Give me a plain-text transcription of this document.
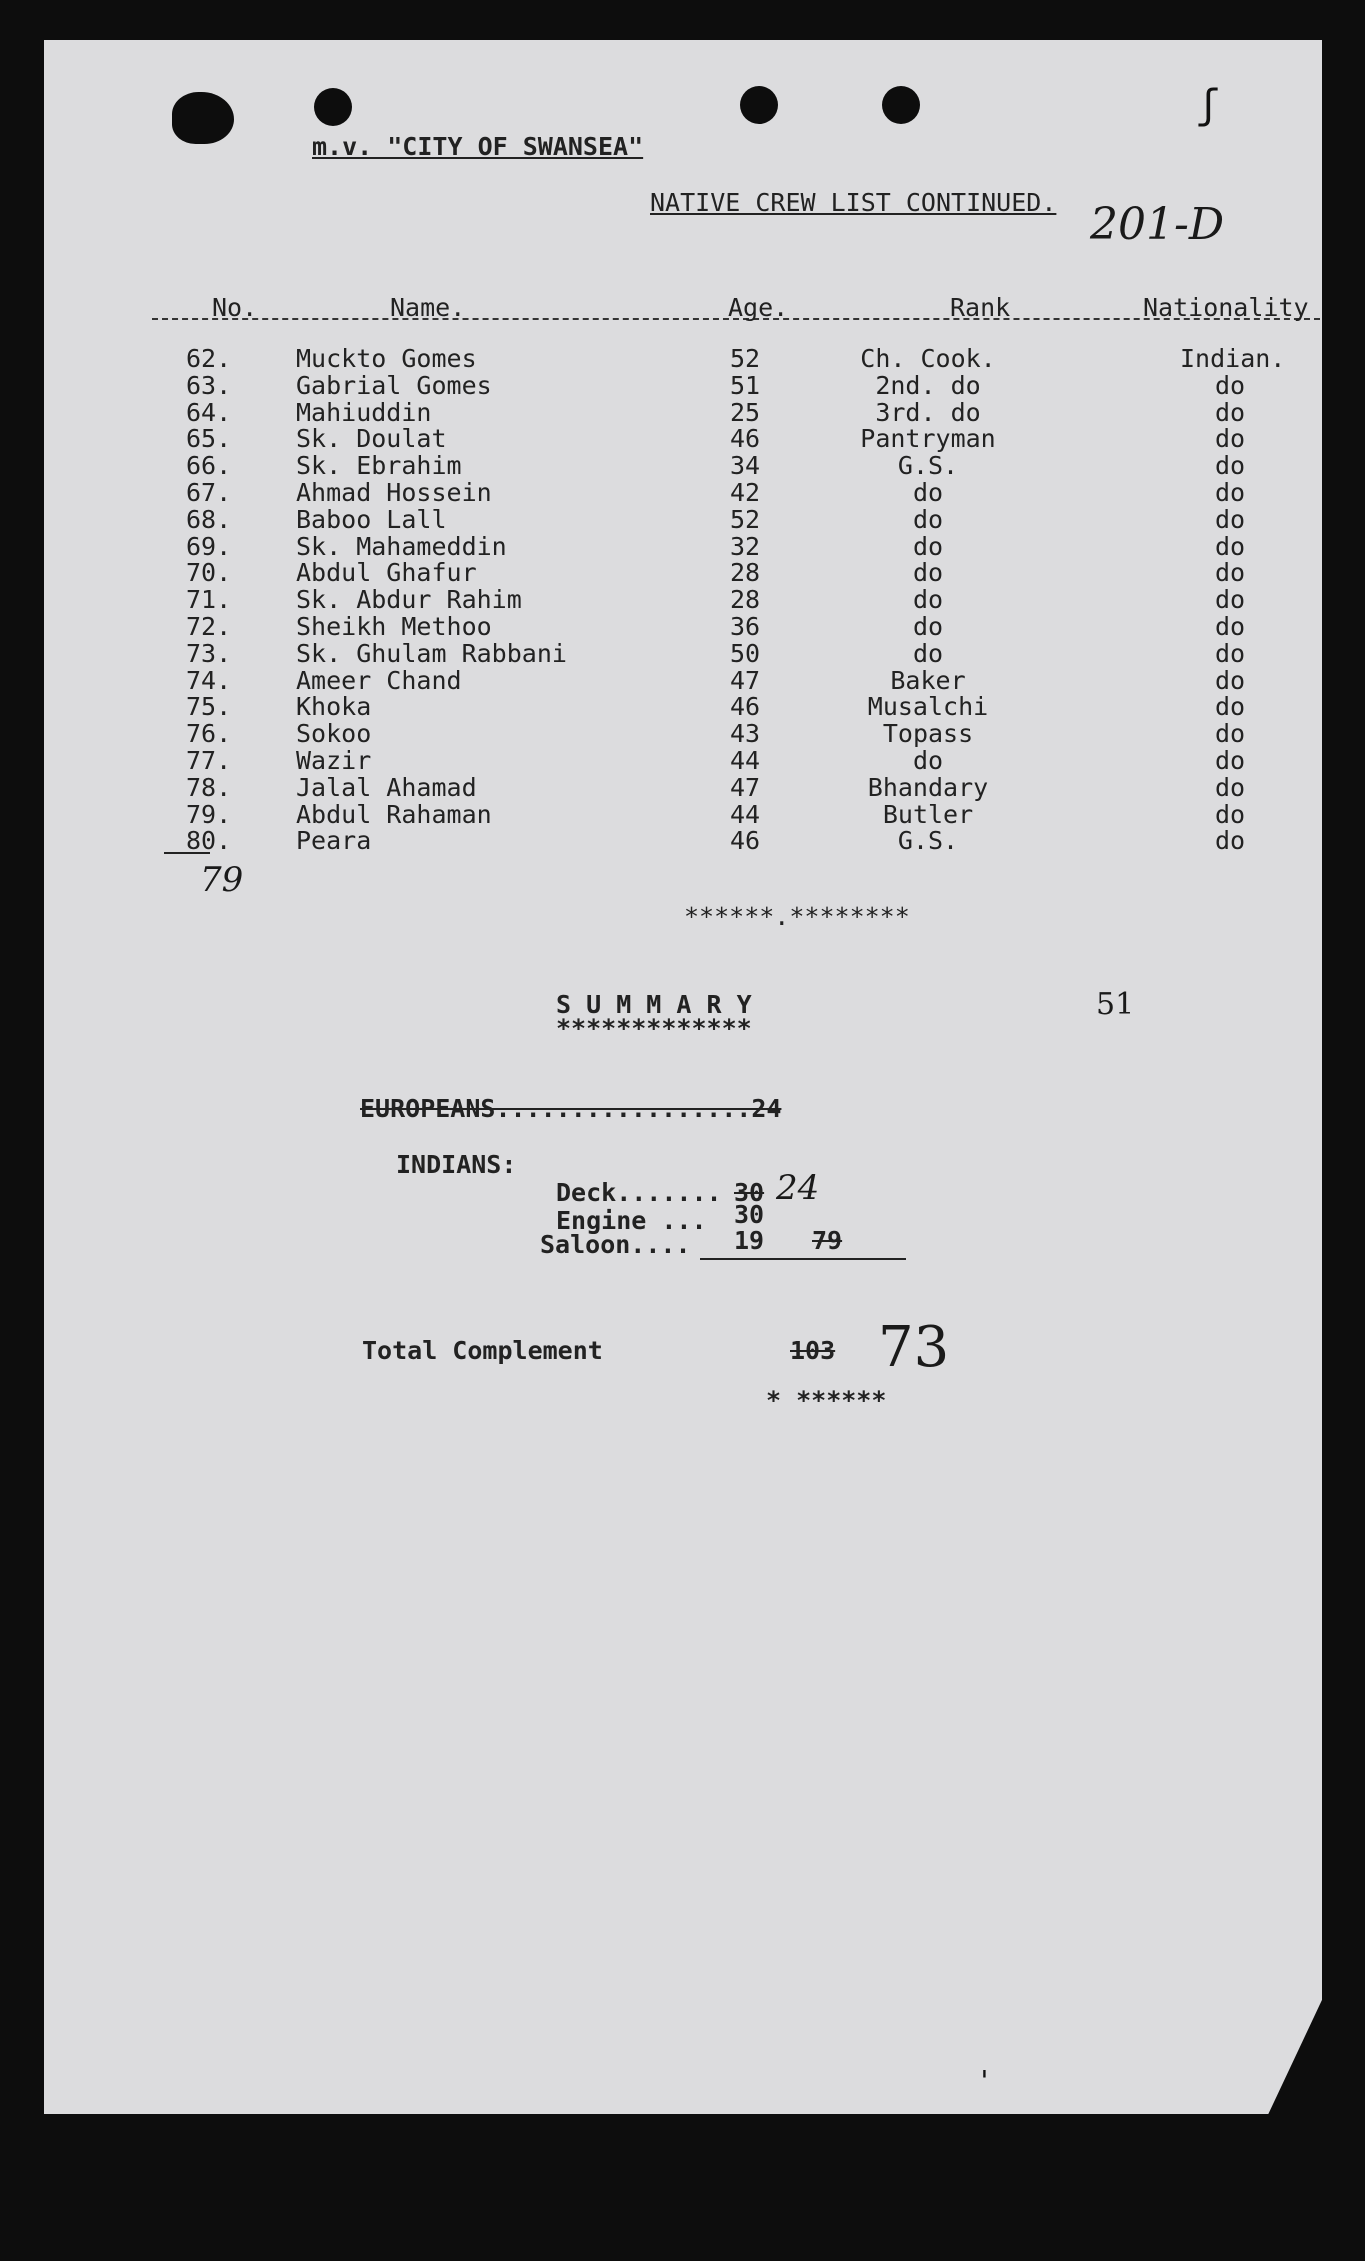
m.v. "CITY OF SWANSEA"
NATIVE CREW LIST CONTINUED. 201-D
No.	Name.	Age.	Rank	Nationality
62.	Muckto Gomes	52	Ch. Cook.	Indian.
63.	Gabrial Gomes	51	2nd. do	do
64.	Mahiuddin	25	3rd. do	do
65.	Sk. Doulat	46	Pantryman	do
66.	Sk. Ebrahim	34	G.S.	do
67.	Ahmad Hossein	42	do	do
68.	Baboo Lall	52	do	do
69.	Sk. Mahameddin	32	do	do
70.	Abdul Ghafur	28	do	do
71.	Sk. Abdur Rahim	28	do	do
72.	Sheikh Methoo	36	do	do
73.	Sk. Ghulam Rabbani	50	do	do
74.	Ameer Chand	47	Baker	do
75.	Khoka	46	Musalchi	do
76.	Sokoo	43	Topass	do
77.	Wazir	44	do	do
78.	Jalal Ahamad	47	Bhandary	do
79.	Abdul Rahaman	44	Butler	do
80.	Peara	46	G.S.	do
79
******.********
S U M M A R Y
*************
51
EUROPEANS.................24
INDIANS:
Deck....... 30 24
Engine ... 30
Saloon.... 19 79
Total Complement	103 73
* ******
ʃ
'
